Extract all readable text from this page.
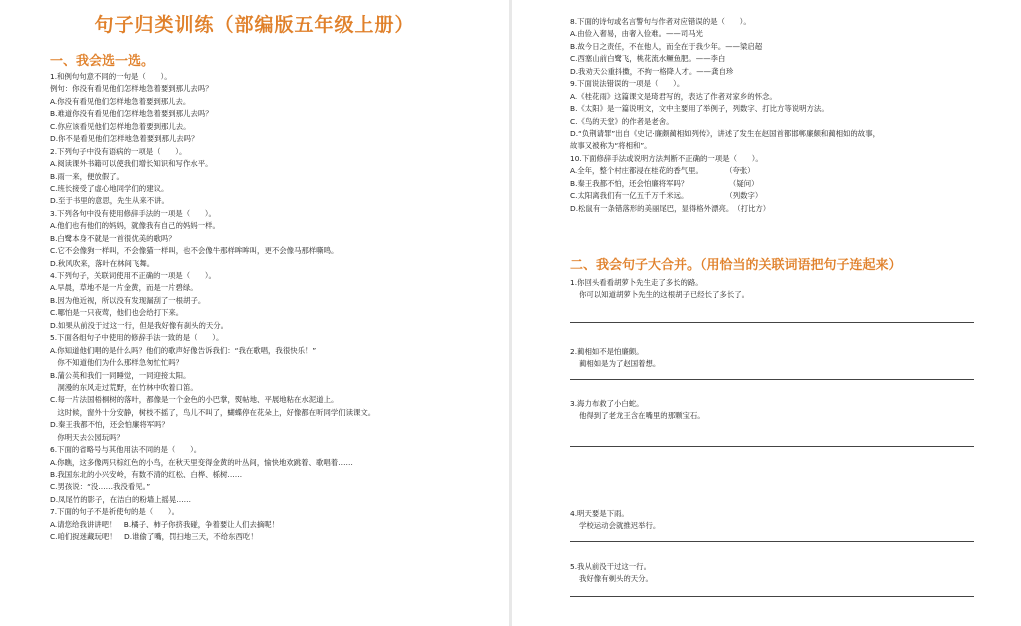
句子归类训练（部编版五年级上册）
一、我会选一选。
1.和例句句意不同的一句是（　　）。
例句：你没有看见他们怎样地急着要到那儿去吗？
A.你没有看见他们怎样地急着要到那儿去。
B.难道你没有看见他们怎样地急着要到那儿去吗？
C.你应该看见他们怎样地急着要到那儿去。
D.你不是看见他们怎样地急着要到那儿去吗？
2.下列句子中没有语病的一项是（　　）。
A.阅读课外书籍可以使我们增长知识和写作水平。
B.雨一来，便放假了。
C.班长接受了虚心地同学们的建议。
D.至于书里的意思，先生从来不讲。
3.下列各句中没有使用修辞手法的一项是（　　）。
A.他们也有他们的妈妈，就像我有自己的妈妈一样。
B.白鹭本身不就是一首很优美的歌吗？
C.它不会像狗一样叫，不会像猫一样叫，也不会像牛那样哞哞叫，更不会像马那样嘶鸣。
D.秋风吹来，落叶在林间飞舞。
4.下列句子，关联词使用不正确的一项是（　　）。
A.早晨，草地不是一片金黄，而是一片碧绿。
B.因为他近视，所以没有发现漏刮了一根胡子。
C.哪怕是一只夜莺，他们也会给打下来。
D.如果从前没于过这一行，但是我好像有刹头的天分。
5.下面各组句子中使用的修辞手法一致的是（　　）。
A.你知道他们唱的是什么吗？他们的歌声好像告诉我们：“我在歌唱，我很快乐！”
　你不知道他们为什么那样急匆忙忙吗？
B.蒲公英和我们一同睡觉，一同迎接太阳。
　洞漫的东风走过荒野，在竹林中吹着口笛。
C.每一片法国梧桐树的落叶，都像是一个金色的小巴掌，熨帖地、平展地粘在水泥道上。
　这时候，窗外十分安静，树枝不摇了，鸟儿不叫了，蝴蝶停在花朵上，好像都在听同学们读课文。
D.秦王我都不怕，还会怕廉将军吗？
　你明天去公园玩吗？
6.下面的省略号与其他用法不同的是（　　）。
A.你瞧，这多像两只棕红色的小鸟，在秋天里变得金黄的叶丛间，愉快地欢跳着、歌唱着……
B.我国东北的小兴安岭，有数不清的红松、白桦、栎树……
C.男孩说：“没……我没看见。”
D.凤尾竹的影子，在洁白的粉墙上摇晃……
7.下面的句子不是祈使句的是（　　）。
A.请您给我讲讲吧！　B.橘子、柿子你挤我碰，争着要让人们去摘呢！
C.咱们捉迷藏玩吧！　D.谁偷了嘴，罚扫地三天，不给东西吃！
8.下面的诗句或名言警句与作者对应错误的是（　　）。
A.由俭入奢易，由奢入俭难。——司马光
B.故今日之责任，不在他人，而全在于我少年。——梁启超
C.西塞山前白鹭飞，桃花流水鳜鱼肥。——李白
D.我劝天公重抖擞，不拘一格降人才。——龚自珍
9.下面说法错误的一项是（　　）。
A.《桂花雨》这篇课文是琦君写的，表达了作者对家乡的怀念。
B.《太阳》是一篇说明文，文中主要用了举例子，列数字、打比方等说明方法。
C.《鸟的天堂》的作者是老舍。
D.“负荆请罪”出自《史记·廉颇蔺相如列传》，讲述了发生在赵国首都邯郸廉颇和蔺相如的故事，
故事又被称为“将相和”。
10.下面修辞手法或说明方法判断不正确的一项是（　　）。
A.全年，整个村庄都浸在桂花的香气里。　　　　（夸张）
B.秦王我都不怕，还会怕廉将军吗？　　　　　　（疑问）
C.太阳离我们有一亿五千万千米远。　　　　　　（列数字）
D.松鼠有一条错落形的美丽尾巴，显得格外漂亮。　（打比方）
二、我会句子大合并。（用恰当的关联词语把句子连起来）
1.你回头看看胡萝卜先生走了多长的路。
你可以知道胡萝卜先生的这根胡子已经长了多长了。
2.蔺相如不是怕廉颇。
蔺相如是为了赵国着想。
3.海力布救了小白蛇。
他得到了老龙王含在嘴里的那颗宝石。
4.明天要是下雨。
学校运动会就推迟举行。
5.我从前没干过这一行。
我好像有剃头的天分。
